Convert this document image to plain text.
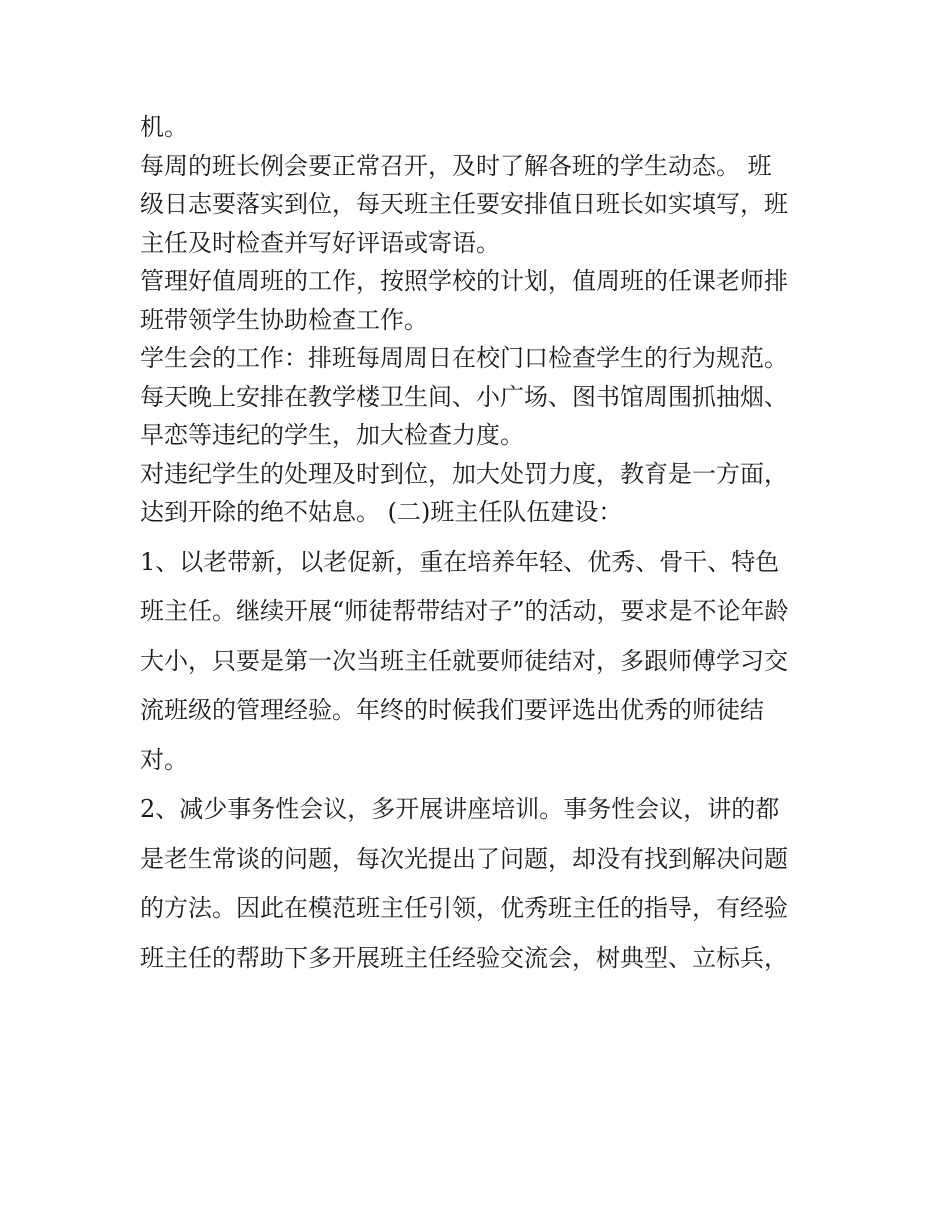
机。
每周的班长例会要正常召开，及时了解各班的学生动态。 班
级日志要落实到位，每天班主任要安排值日班长如实填写，班
主任及时检查并写好评语或寄语。
管理好值周班的工作，按照学校的计划，值周班的任课老师排
班带领学生协助检查工作。
学生会的工作：排班每周周日在校门口检查学生的行为规范。
每天晚上安排在教学楼卫生间、小广场、图书馆周围抓抽烟、
早恋等违纪的学生，加大检查力度。
对违纪学生的处理及时到位，加大处罚力度，教育是一方面，
达到开除的绝不姑息。 (二)班主任队伍建设：
1、以老带新，以老促新，重在培养年轻、优秀、骨干、特色
班主任。继续开展“师徒帮带结对子”的活动，要求是不论年龄
大小，只要是第一次当班主任就要师徒结对，多跟师傅学习交
流班级的管理经验。年终的时候我们要评选出优秀的师徒结
对。
2、减少事务性会议，多开展讲座培训。事务性会议，讲的都
是老生常谈的问题，每次光提出了问题，却没有找到解决问题
的方法。因此在模范班主任引领，优秀班主任的指导，有经验
班主任的帮助下多开展班主任经验交流会，树典型、立标兵，
